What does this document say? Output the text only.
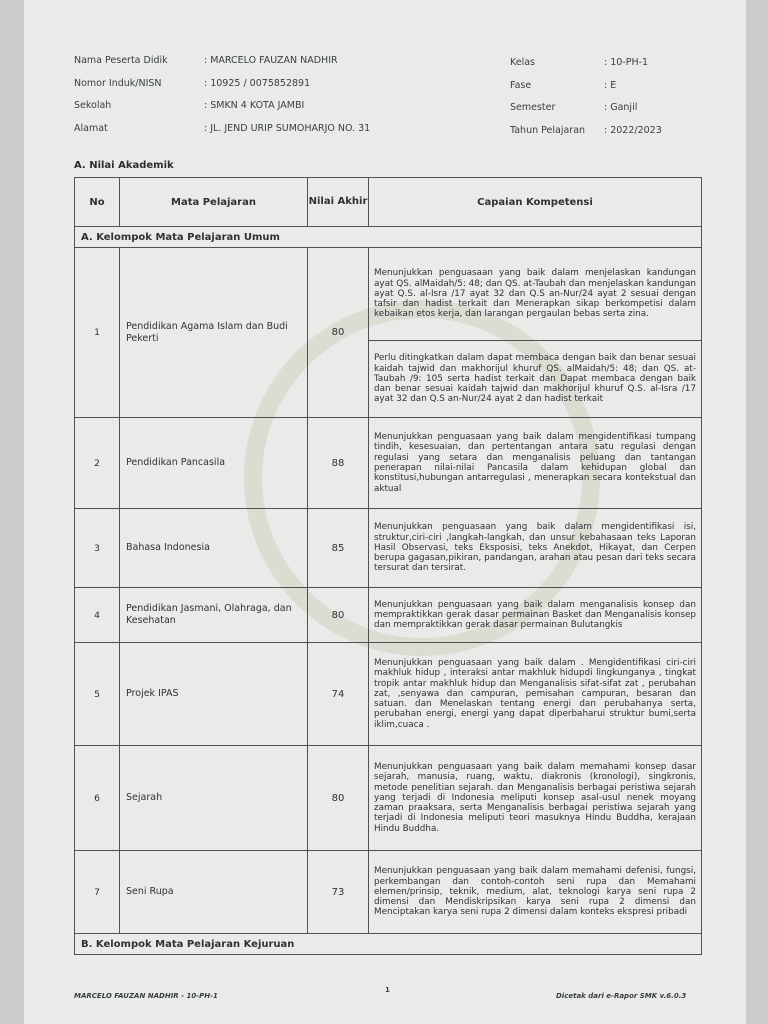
Nama Peserta Didik	: MARCELO FAUZAN NADHIR
Nomor Induk/NISN	: 10925 / 0075852891
Sekolah	: SMKN 4 KOTA JAMBI
Alamat	: JL. JEND URIP SUMOHARJO NO. 31
Kelas	: 10-PH-1
Fase	: E
Semester	: Ganjil
Tahun Pelajaran : 2022/2023
A. Nilai Akademik
No	Mata Pelajaran	Nilai Akhir	Capaian Kompetensi
A. Kelompok Mata Pelajaran Umum			
1	Pendidikan Agama Islam dan Budi Pekerti	80	Menunjukkan penguasaan yang baik dalam menjelaskan kandungan ayat QS. alMaidah/5: 48; dan QS. at-Taubah dan menjelaskan kandungan ayat Q.S. al-Isra /17 ayat 32 dan Q.S an-Nur/24 ayat 2 sesuai dengan tafsir dan hadist terkait dan Menerapkan sikap berkompetisi dalam kebaikan etos kerja, dan larangan pergaulan bebas serta zina.
			Perlu ditingkatkan dalam dapat membaca dengan baik dan benar sesuai kaidah tajwid dan makhorijul khuruf QS. alMaidah/5: 48; dan QS. at-Taubah /9: 105 serta hadist terkait dan Dapat membaca dengan baik dan benar sesuai kaidah tajwid dan makhorijul khuruf Q.S. al-Isra /17 ayat 32 dan Q.S an-Nur/24 ayat 2 dan hadist terkait
2	Pendidikan Pancasila	88	Menunjukkan penguasaan yang baik dalam mengidentifikasi tumpang tindih, kesesuaian, dan pertentangan antara satu regulasi dengan regulasi yang setara dan menganalisis peluang dan tantangan penerapan nilai-nilai Pancasila dalam kehidupan global dan konstitusi,hubungan antarregulasi , menerapkan secara kontekstual dan aktual
3	Bahasa Indonesia	85	Menunjukkan penguasaan yang baik dalam mengidentifikasi isi, struktur,ciri-ciri ,langkah-langkah, dan unsur kebahasaan teks Laporan Hasil Observasi, teks Eksposisi, teks Anekdot, Hikayat, dan Cerpen berupa gagasan,pikiran, pandangan, arahan atau pesan dari teks secara tersurat dan tersirat.
4	Pendidikan Jasmani, Olahraga, dan Kesehatan	80	Menunjukkan penguasaan yang baik dalam menganalisis konsep dan mempraktikkan gerak dasar permainan Basket dan Menganalisis konsep dan mempraktikkan gerak dasar permainan Bulutangkis
5	Projek IPAS	74	Menunjukkan penguasaan yang baik dalam . Mengidentifikasi ciri-ciri makhluk hidup , interaksi antar makhluk hidupdi lingkunganya , tingkat tropik antar makhluk hidup dan Menganalisis sifat-sifat zat , perubahan zat, ,senyawa dan campuran, pemisahan campuran, besaran dan satuan. dan Menelaskan tentang energi dan perubahanya serta, perubahan energi, energi yang dapat diperbaharui struktur bumi,serta iklim,cuaca .
6	Sejarah	80	Menunjukkan penguasaan yang baik dalam memahami konsep dasar sejarah, manusia, ruang, waktu, diakronis (kronologi), singkronis, metode penelitian sejarah. dan Menganalisis berbagai peristiwa sejarah yang terjadi di Indonesia meliputi konsep asal-usul nenek moyang zaman praaksara, serta Menganalisis berbagai peristiwa sejarah yang terjadi di Indonesia meliputi teori masuknya Hindu Buddha, kerajaan Hindu Buddha.
7	Seni Rupa	73	Menunjukkan penguasaan yang baik dalam memahami defenisi, fungsi, perkembangan dan contoh-contoh seni rupa dan Memahami elemen/prinsip, teknik, medium, alat, teknologi karya seni rupa 2 dimensi dan Mendiskripsikan karya seni rupa 2 dimensi dan Menciptakan karya seni rupa 2 dimensi dalam konteks ekspresi pribadi
B. Kelompok Mata Pelajaran Kejuruan			
MARCELO FAUZAN NADHIR - 10-PH-1
1
Dicetak dari e-Rapor SMK v.6.0.3
